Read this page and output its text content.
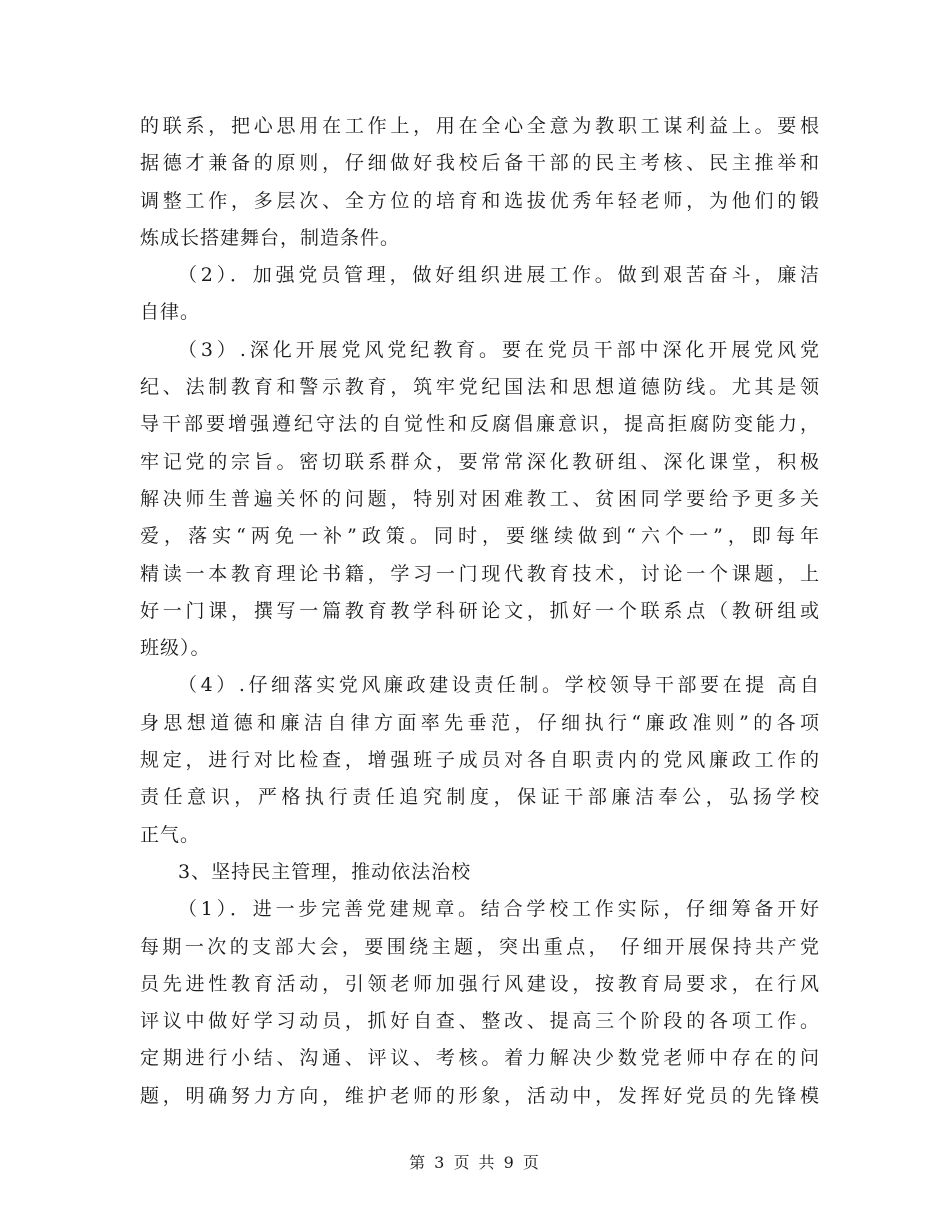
的联系，把心思用在工作上，用在全心全意为教职工谋利益上。要根
据德才兼备的原则，仔细做好我校后备干部的民主考核、民主推举和
调整工作，多层次、全方位的培育和选拔优秀年轻老师，为他们的锻
炼成长搭建舞台，制造条件。
（2）．加强党员管理，做好组织进展工作。做到艰苦奋斗，廉洁
自律。
（3）.深化开展党风党纪教育。要在党员干部中深化开展党风党
纪、法制教育和警示教育，筑牢党纪国法和思想道德防线。尤其是领
导干部要增强遵纪守法的自觉性和反腐倡廉意识，提高拒腐防变能力，
牢记党的宗旨。密切联系群众，要常常深化教研组、深化课堂，积极
解决师生普遍关怀的问题，特别对困难教工、贫困同学要给予更多关
爱，落实“两免一补”政策。同时，要继续做到“六个一”，即每年
精读一本教育理论书籍，学习一门现代教育技术，讨论一个课题，上
好一门课，撰写一篇教育教学科研论文，抓好一个联系点（教研组或
班级）。
（4）.仔细落实党风廉政建设责任制。学校领导干部要在提 高自
身思想道德和廉洁自律方面率先垂范，仔细执行“廉政准则”的各项
规定，进行对比检查，增强班子成员对各自职责内的党风廉政工作的
责任意识，严格执行责任追究制度，保证干部廉洁奉公，弘扬学校
正气。
3、坚持民主管理，推动依法治校
（1）．进一步完善党建规章。结合学校工作实际，仔细筹备开好
每期一次的支部大会，要围绕主题，突出重点， 仔细开展保持共产党
员先进性教育活动，引领老师加强行风建设，按教育局要求，在行风
评议中做好学习动员，抓好自查、整改、提高三个阶段的各项工作。
定期进行小结、沟通、评议、考核。着力解决少数党老师中存在的问
题，明确努力方向，维护老师的形象，活动中，发挥好党员的先锋模
第 3 页 共 9 页
